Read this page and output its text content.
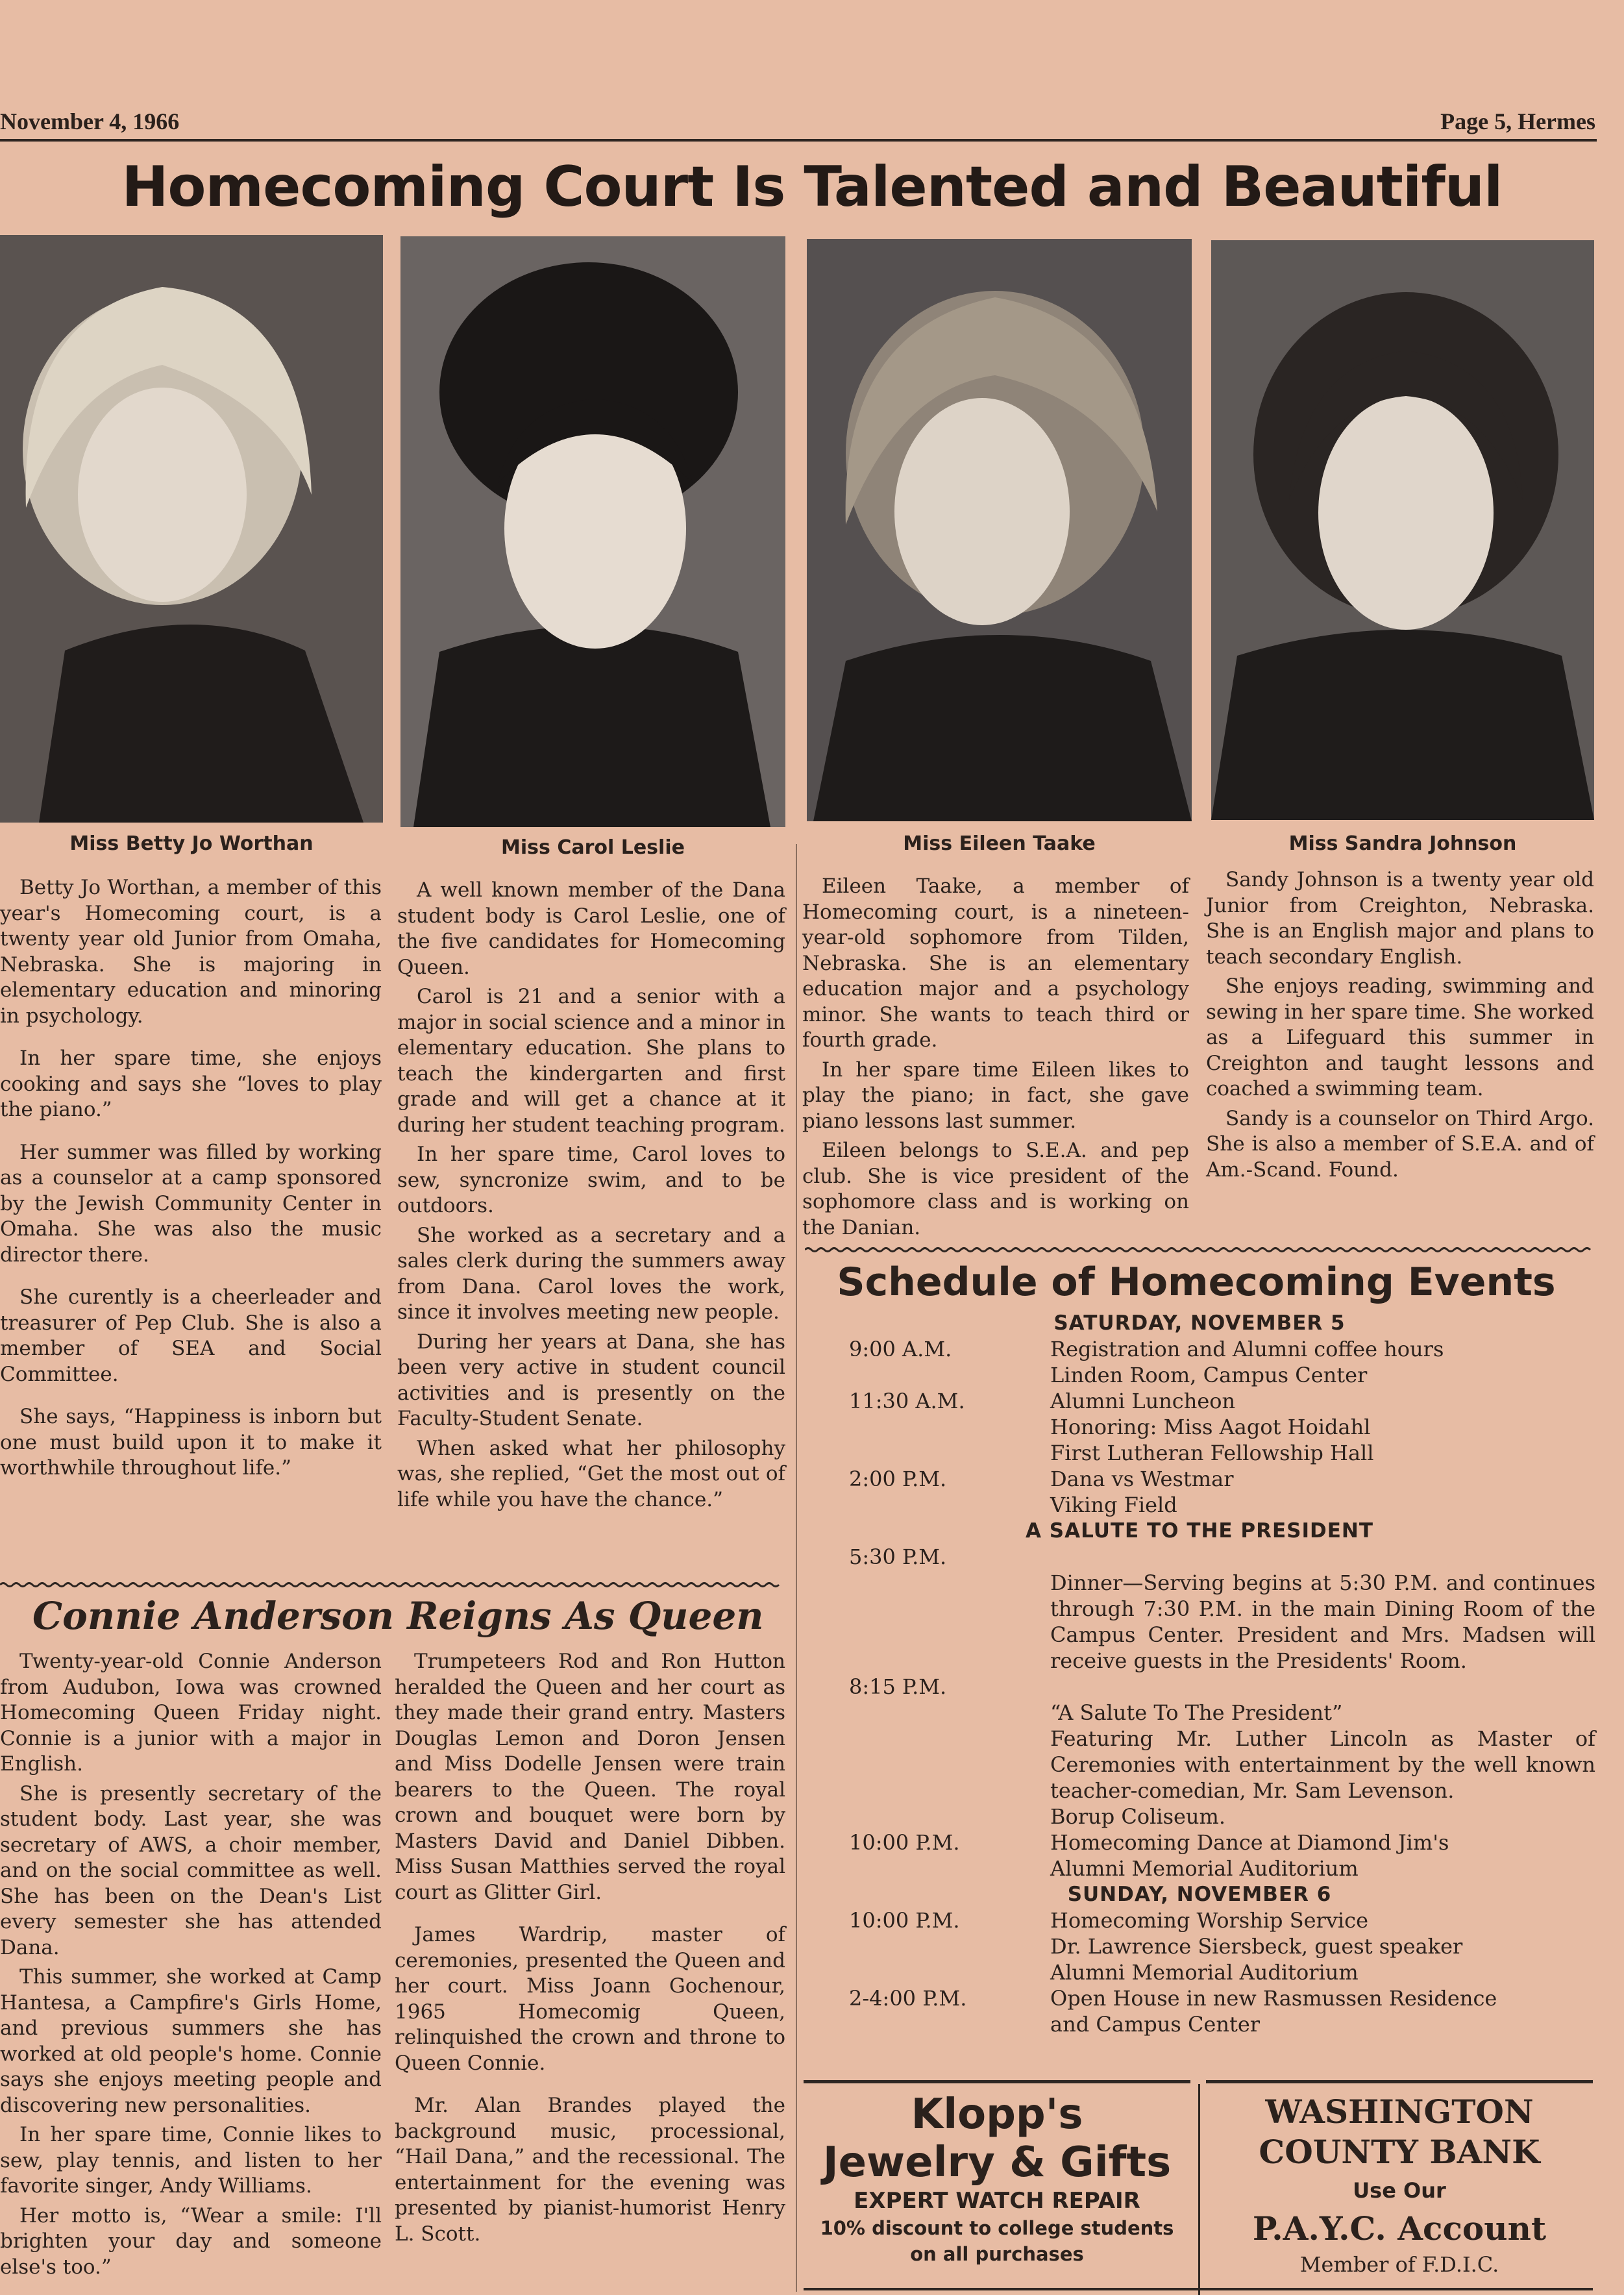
November 4, 1966	Page 5, Hermes
Homecoming Court Is Talented and Beautiful
Miss Betty Jo Worthan	Miss Carol Leslie	Miss Eileen Taake	Miss Sandra Johnson

Betty Jo Worthan, a member of this year's Homecoming court, is a twenty year old Junior from Omaha, Nebraska. She is majoring in elementary education and minoring in psychology.

In her spare time, she enjoys cooking and says she “loves to play the piano.”

Her summer was filled by working as a counselor at a camp sponsored by the Jewish Community Center in Omaha. She was also the music director there.

She curently is a cheerleader and treasurer of Pep Club. She is also a member of SEA and Social Committee.

She says, “Happiness is inborn but one must build upon it to make it worthwhile throughout life.”

A well known member of the Dana student body is Carol Leslie, one of the five candidates for Homecoming Queen.

Carol is 21 and a senior with a major in social science and a minor in elementary education. She plans to teach the kindergarten and first grade and will get a chance at it during her student teaching program.

In her spare time, Carol loves to sew, syncronize swim, and to be outdoors.

She worked as a secretary and a sales clerk during the summers away from Dana. Carol loves the work, since it involves meeting new people.

During her years at Dana, she has been very active in student council activities and is presently on the Faculty-Student Senate.

When asked what her philosophy was, she replied, “Get the most out of life while you have the chance.”

Eileen Taake, a member of Homecoming court, is a nineteen-year-old sophomore from Tilden, Nebraska. She is an elementary education major and a psychology minor. She wants to teach third or fourth grade.

In her spare time Eileen likes to play the piano; in fact, she gave piano lessons last summer.

Eileen belongs to S.E.A. and pep club. She is vice president of the sophomore class and is working on the Danian.

Sandy Johnson is a twenty year old Junior from Creighton, Nebraska. She is an English major and plans to teach secondary English.

She enjoys reading, swimming and sewing in her spare time. She worked as a Lifeguard this summer in Creighton and taught lessons and coached a swimming team.

Sandy is a counselor on Third Argo. She is also a member of S.E.A. and of Am.-Scand. Found.

Connie Anderson Reigns As Queen

Twenty-year-old Connie Anderson from Audubon, Iowa was crowned Homecoming Queen Friday night. Connie is a junior with a major in English.

She is presently secretary of the student body. Last year, she was secretary of AWS, a choir member, and on the social committee as well. She has been on the Dean's List every semester she has attended Dana.

This summer, she worked at Camp Hantesa, a Campfire's Girls Home, and previous summers she has worked at old people's home. Connie says she enjoys meeting people and discovering new personalities.

In her spare time, Connie likes to sew, play tennis, and listen to her favorite singer, Andy Williams.

Her motto is, “Wear a smile: I'll brighten your day and someone else's too.”

Trumpeteers Rod and Ron Hutton heralded the Queen and her court as they made their grand entry. Masters Douglas Lemon and Doron Jensen and Miss Dodelle Jensen were train bearers to the Queen. The royal crown and bouquet were born by Masters David and Daniel Dibben. Miss Susan Matthies served the royal court as Glitter Girl.

James Wardrip, master of ceremonies, presented the Queen and her court. Miss Joann Gochenour, 1965 Homecomig Queen, relinquished the crown and throne to Queen Connie.

Mr. Alan Brandes played the background music, processional, “Hail Dana,” and the recessional. The entertainment for the evening was presented by pianist-humorist Henry L. Scott.

Schedule of Homecoming Events
SATURDAY, NOVEMBER 5
9:00 A.M.	Registration and Alumni coffee hours

Linden Room, Campus Center

11:30 A.M.	Alumni Luncheon

Honoring: Miss Aagot Hoidahl

First Lutheran Fellowship Hall

2:00 P.M.	Dana vs Westmar

Viking Field

A SALUTE TO THE PRESIDENT
5:30 P.M.

Dinner—Serving begins at 5:30 P.M. and continues through 7:30 P.M. in the main Dining Room of the Campus Center. President and Mrs. Madsen will receive guests in the Presidents' Room.

8:15 P.M.

“A Salute To The President”

Featuring Mr. Luther Lincoln as Master of Ceremonies with entertainment by the well known teacher-comedian, Mr. Sam Levenson.

Borup Coliseum.

10:00 P.M.	Homecoming Dance at Diamond Jim's

Alumni Memorial Auditorium

SUNDAY, NOVEMBER 6
10:00 P.M.	Homecoming Worship Service

Dr. Lawrence Siersbeck, guest speaker

Alumni Memorial Auditorium

2-4:00 P.M.	Open House in new Rasmussen Residence

and Campus Center

Klopp's
Jewelry & Gifts
EXPERT WATCH REPAIR
10% discount to college students
on all purchases
WASHINGTON
COUNTY BANK
Use Our
P.A.Y.C. Account
Member of F.D.I.C.
